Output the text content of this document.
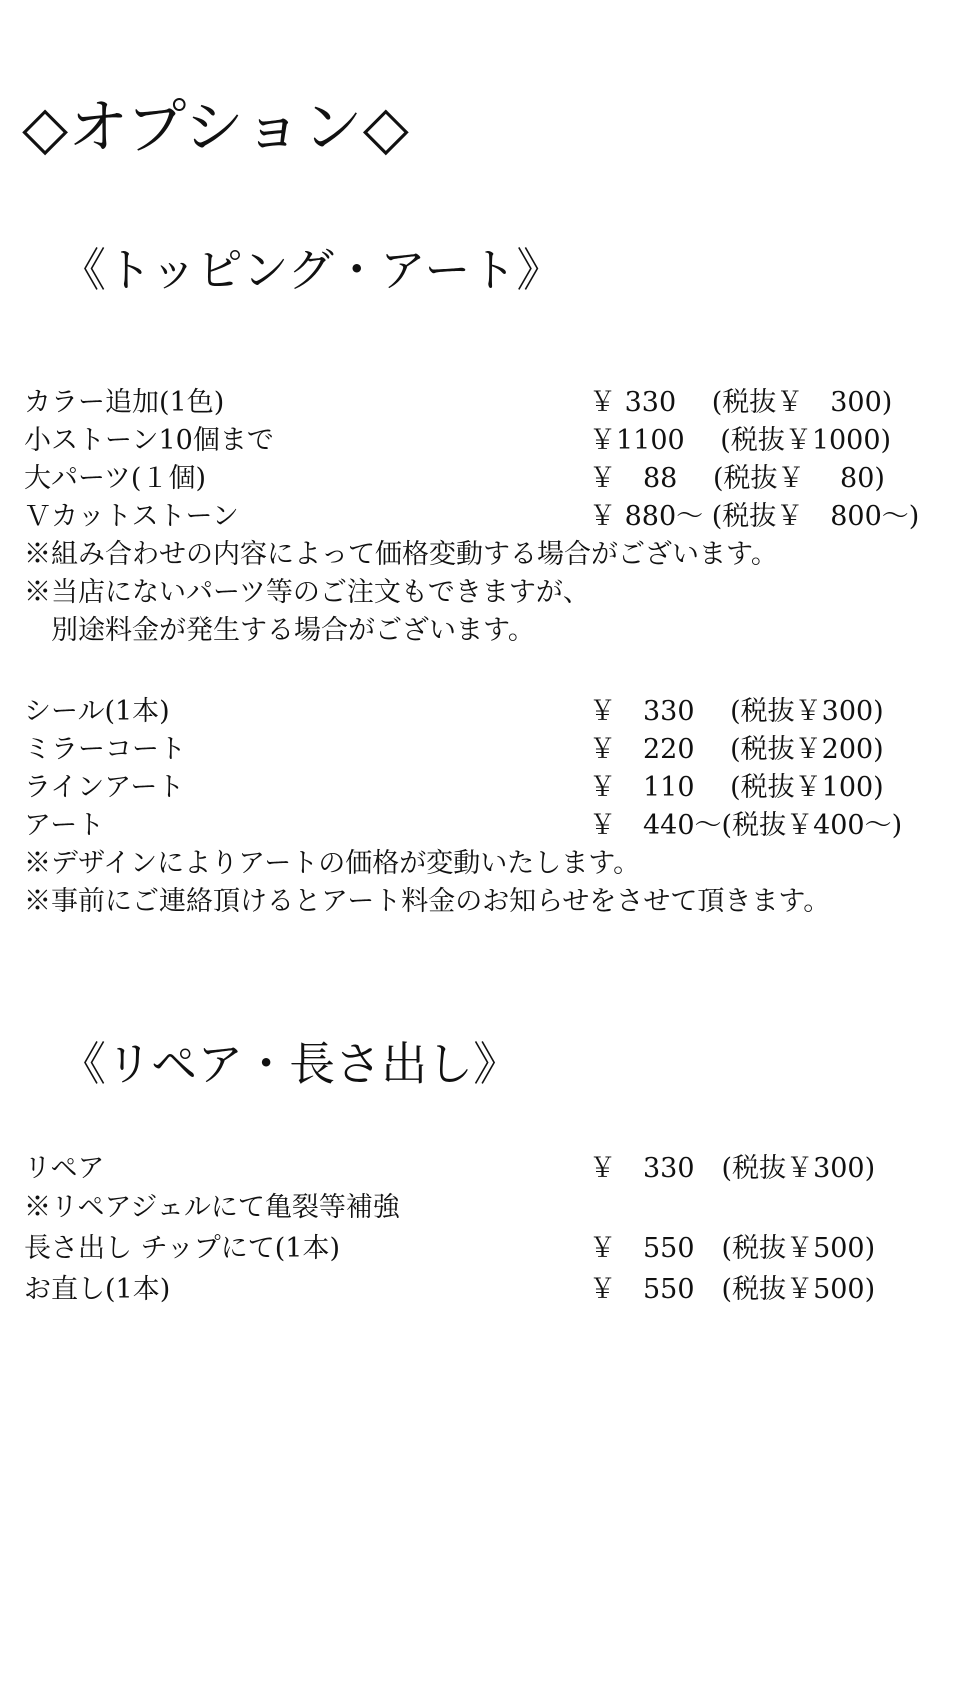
◇オプション◇
《トッピング・アート》
カラー追加(1色)	￥ 330　 (税抜￥　300)
小ストーン10個まで	￥1100　 (税抜￥1000)
大パーツ(１個)	￥　88　 (税抜￥　 80)
Ｖカットストーン	￥ 880～ (税抜￥　800～)
※組み合わせの内容によって価格変動する場合がございます。
※当店にないパーツ等のご注文もできますが、
　別途料金が発生する場合がございます。
シール(1本)	￥　330　 (税抜￥300)
ミラーコート	￥　220　 (税抜￥200)
ラインアート	￥　110　 (税抜￥100)
アート	￥　440～(税抜￥400～)
※デザインによりアートの価格が変動いたします。
※事前にご連絡頂けるとアート料金のお知らせをさせて頂きます。
《リペア・長さ出し》
リペア	￥　330　(税抜￥300)
※リペアジェルにて亀裂等補強
長さ出し チップにて(1本)	￥　550　(税抜￥500)
お直し(1本)	￥　550　(税抜￥500)
